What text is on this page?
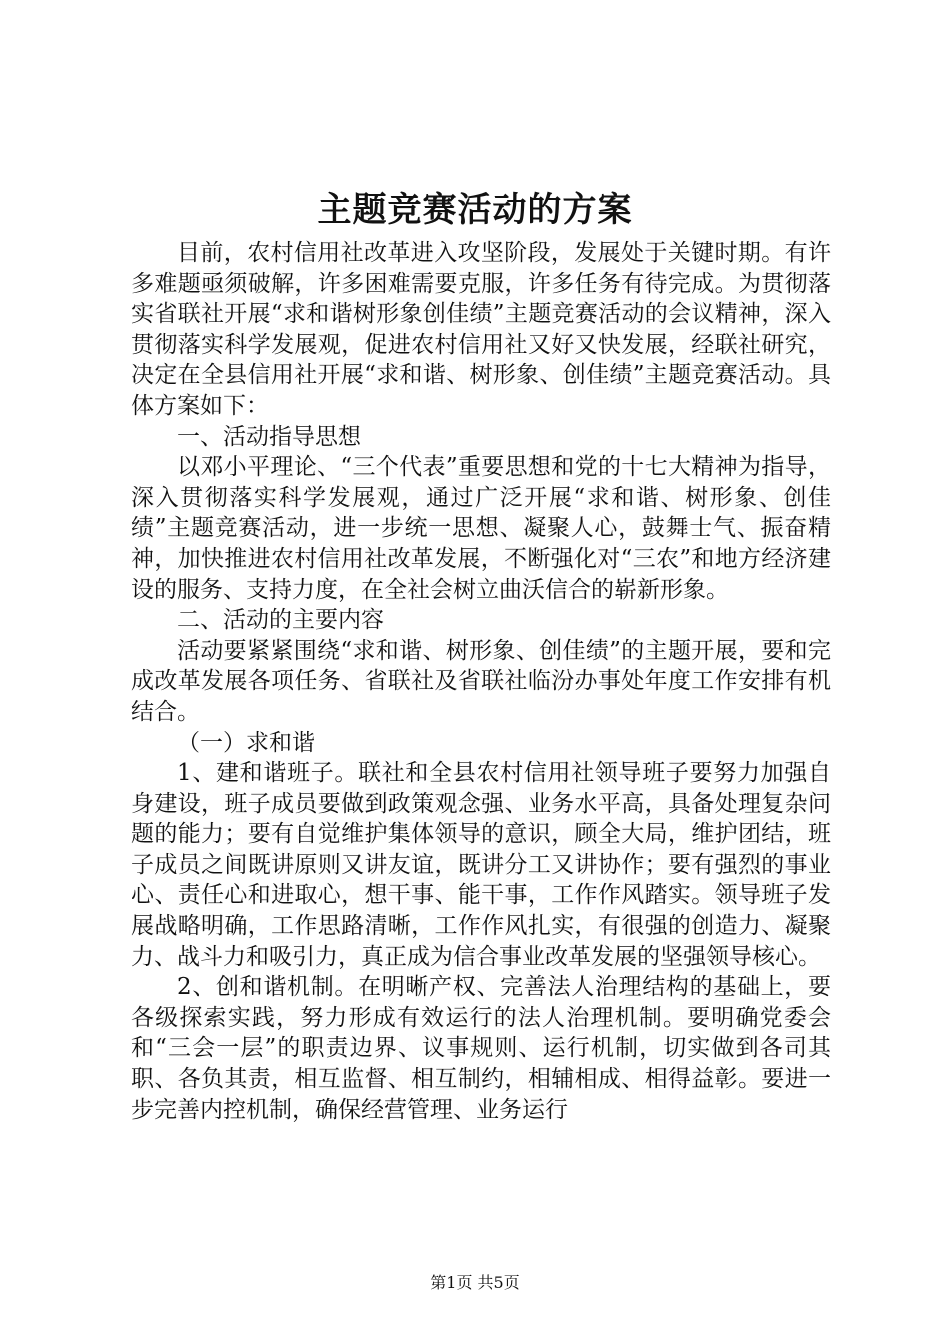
主题竞赛活动的方案

目前，农村信用社改革进入攻坚阶段，发展处于关键时期。有许多难题亟须破解，许多困难需要克服，许多任务有待完成。为贯彻落实省联社开展“求和谐树形象创佳绩”主题竞赛活动的会议精神，深入贯彻落实科学发展观，促进农村信用社又好又快发展，经联社研究，决定在全县信用社开展“求和谐、树形象、创佳绩”主题竞赛活动。具体方案如下：

一、活动指导思想

以邓小平理论、“三个代表”重要思想和党的十七大精神为指导，深入贯彻落实科学发展观，通过广泛开展“求和谐、树形象、创佳绩”主题竞赛活动，进一步统一思想、凝聚人心，鼓舞士气、振奋精神，加快推进农村信用社改革发展，不断强化对“三农”和地方经济建设的服务、支持力度，在全社会树立曲沃信合的崭新形象。

二、活动的主要内容

活动要紧紧围绕“求和谐、树形象、创佳绩”的主题开展，要和完成改革发展各项任务、省联社及省联社临汾办事处年度工作安排有机结合。

（一）求和谐

1、建和谐班子。联社和全县农村信用社领导班子要努力加强自身建设，班子成员要做到政策观念强、业务水平高，具备处理复杂问题的能力；要有自觉维护集体领导的意识，顾全大局，维护团结，班子成员之间既讲原则又讲友谊，既讲分工又讲协作；要有强烈的事业心、责任心和进取心，想干事、能干事，工作作风踏实。领导班子发展战略明确，工作思路清晰，工作作风扎实，有很强的创造力、凝聚力、战斗力和吸引力，真正成为信合事业改革发展的坚强领导核心。

2、创和谐机制。在明晰产权、完善法人治理结构的基础上，要各级探索实践，努力形成有效运行的法人治理机制。要明确党委会和“三会一层”的职责边界、议事规则、运行机制，切实做到各司其职、各负其责，相互监督、相互制约，相辅相成、相得益彰。要进一步完善内控机制，确保经营管理、业务运行

第1页 共5页
